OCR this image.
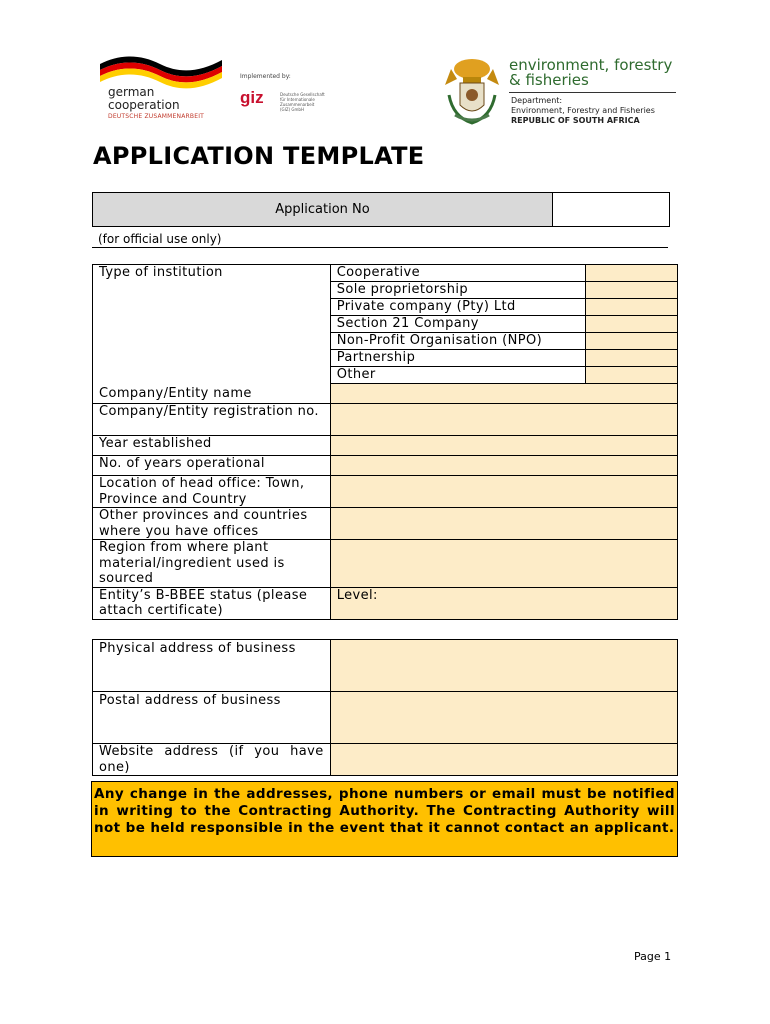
german
cooperation
DEUTSCHE ZUSAMMENARBEIT
Implemented by:
giz	Deutsche Gesellschaft für Internationale Zusammenarbeit (GIZ) GmbH
environment, forestry
& fisheries
Department:
Environment, Forestry and Fisheries
REPUBLIC OF SOUTH AFRICA
APPLICATION TEMPLATE
Application No
(for official use only)
Type of institution	Cooperative	
	Sole proprietorship	
	Private company (Pty) Ltd	
	Section 21 Company	
	Non-Profit Organisation (NPO)	
	Partnership	
	Other	
Company/Entity name		
Company/Entity registration no.		
Year established		
No. of years operational		
Location of head office: Town, Province and Country		
Other provinces and countries where you have offices		
Region from where plant material/ingredient used is sourced		
Entity’s B-BBEE status (please attach certificate)	Level:	
Physical address of business	
Postal address of business	
Website address (if you have one)	
Any change in the addresses, phone numbers or email must be notified in writing to the Contracting Authority. The Contracting Authority will not be held responsible in the event that it cannot contact an applicant.
Page 1
